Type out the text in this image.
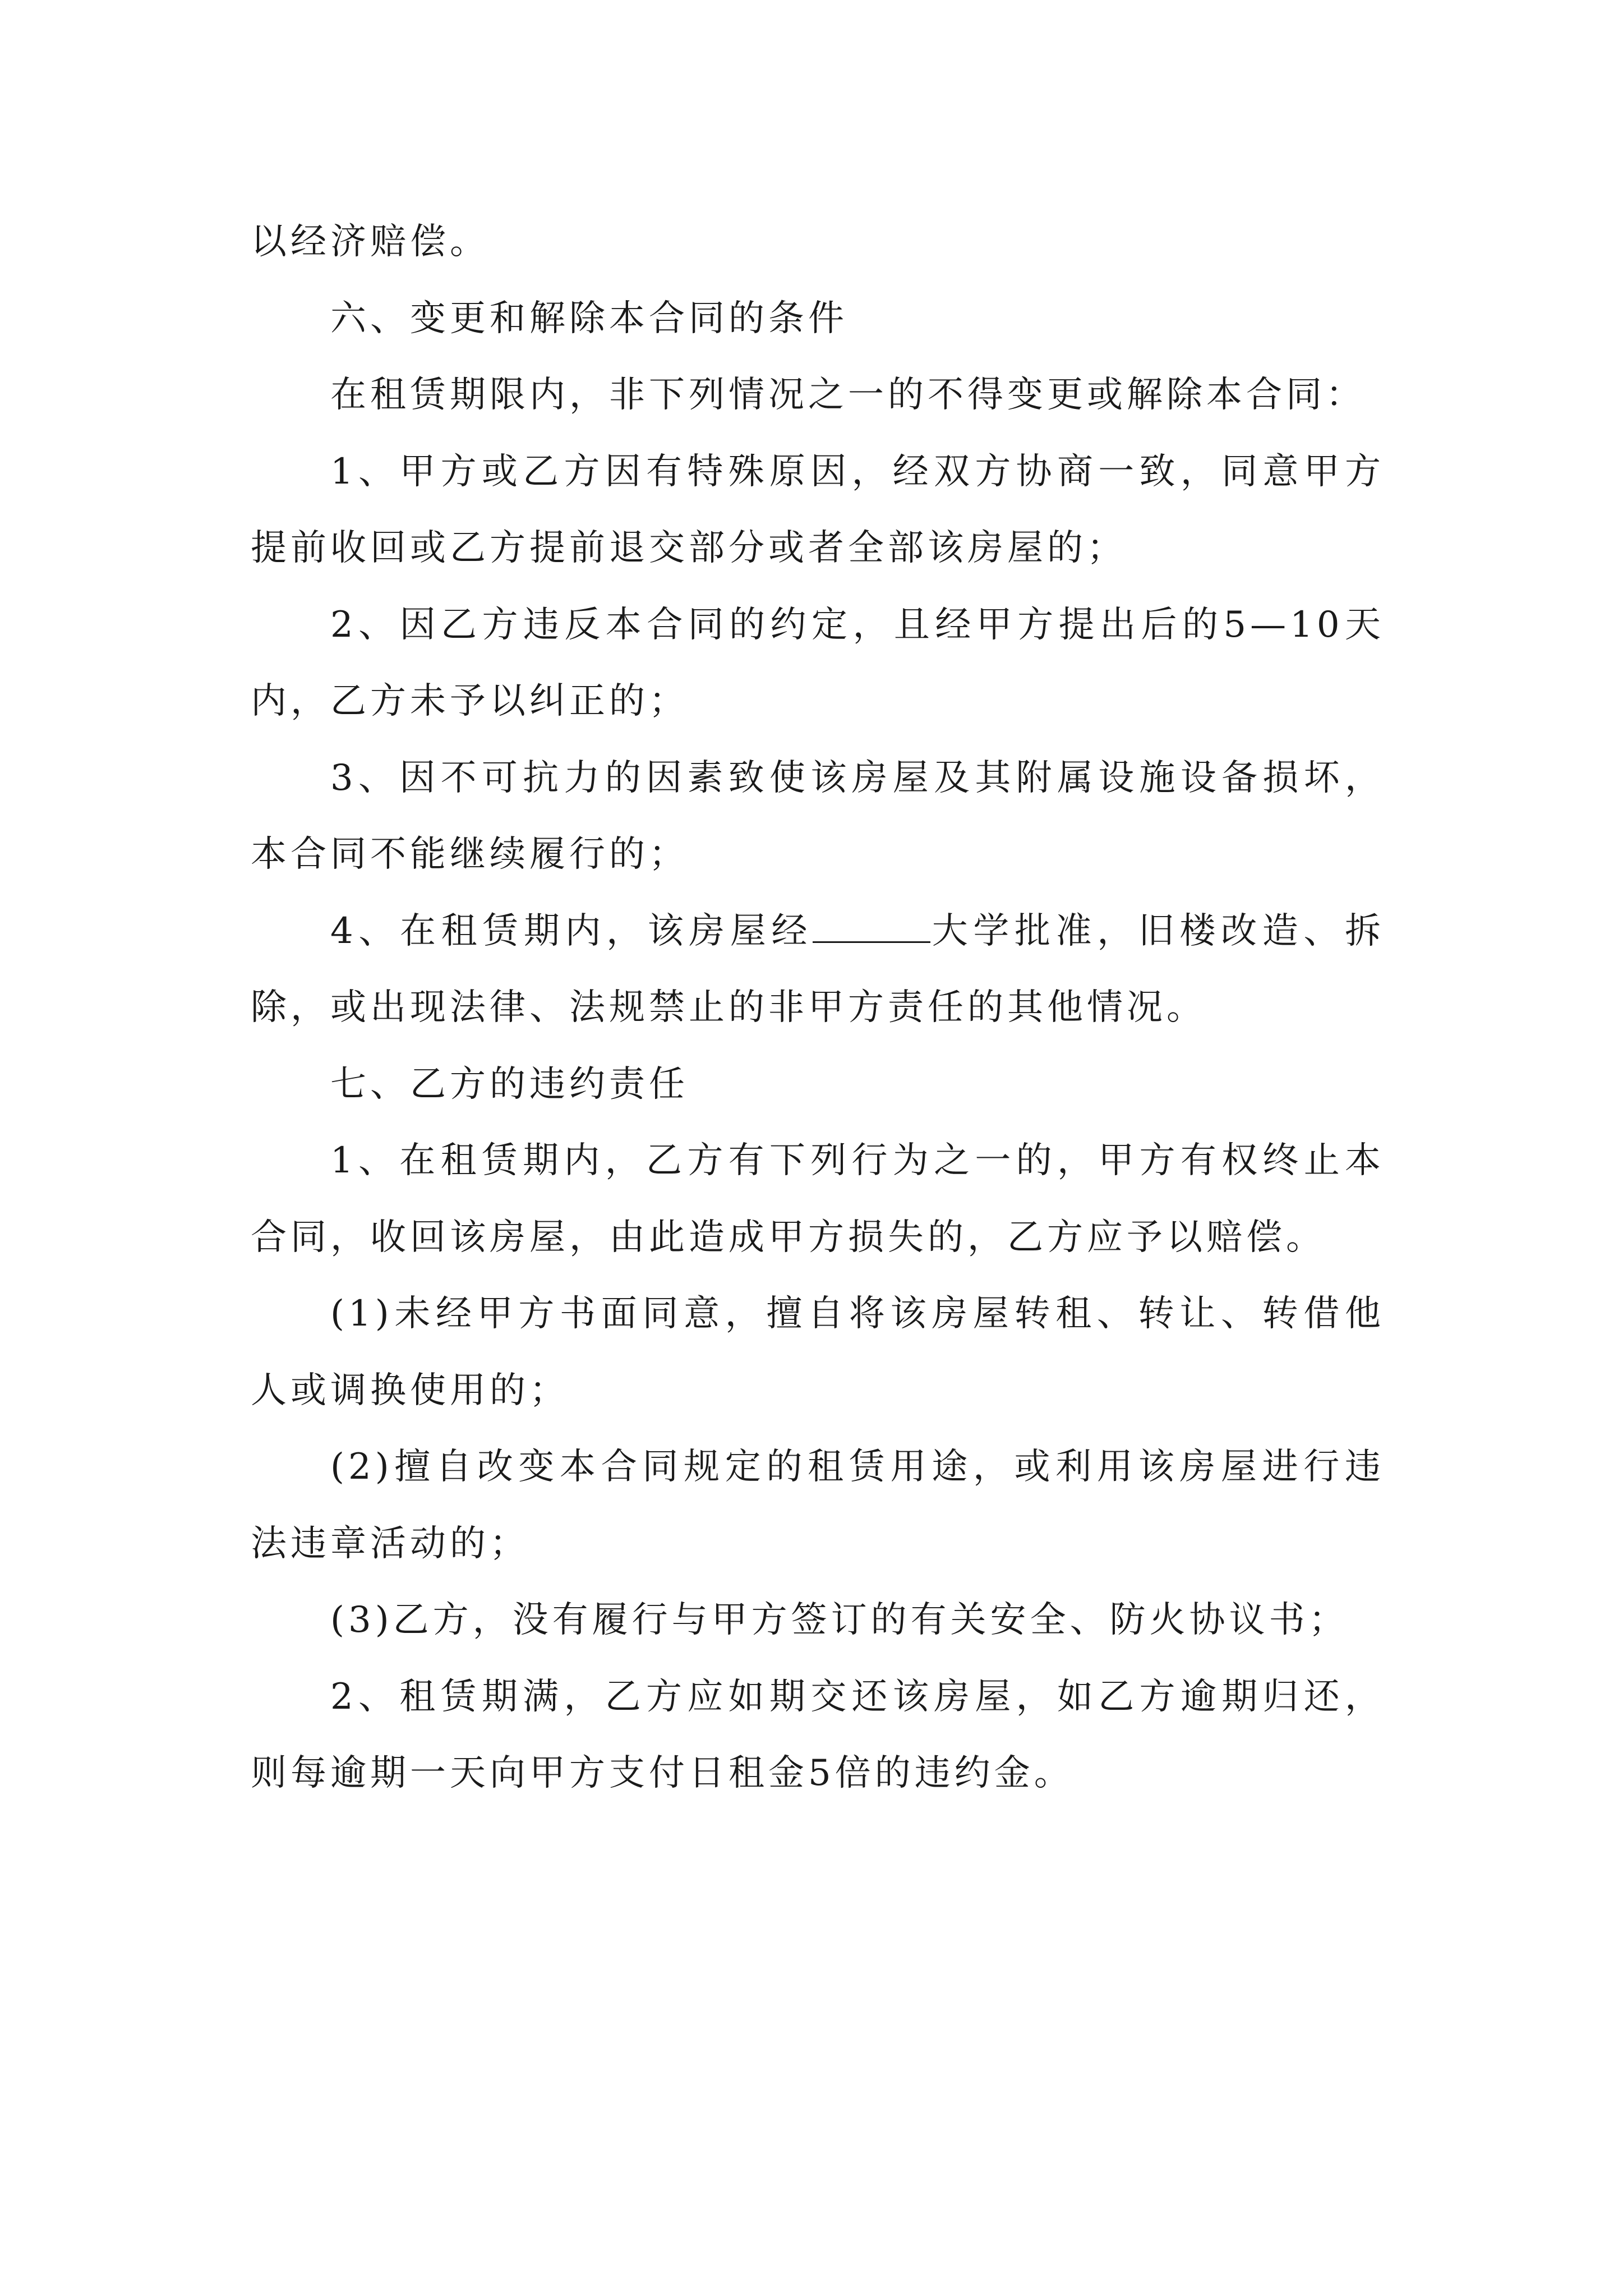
以经济赔偿。

六、变更和解除本合同的条件

在租赁期限内，非下列情况之一的不得变更或解除本合同：

1、甲方或乙方因有特殊原因，经双方协商一致，同意甲方提前收回或乙方提前退交部分或者全部该房屋的；

2、因乙方违反本合同的约定，且经甲方提出后的5—10天内，乙方未予以纠正的；

3、因不可抗力的因素致使该房屋及其附属设施设备损坏，本合同不能继续履行的；

4、在租赁期内，该房屋经	大学批准，旧楼改造、拆除，或出现法律、法规禁止的非甲方责任的其他情况。

七、乙方的违约责任

1、在租赁期内，乙方有下列行为之一的，甲方有权终止本合同，收回该房屋，由此造成甲方损失的，乙方应予以赔偿。

(1)未经甲方书面同意，擅自将该房屋转租、转让、转借他人或调换使用的；

(2)擅自改变本合同规定的租赁用途，或利用该房屋进行违法违章活动的；

(3)乙方，没有履行与甲方签订的有关安全、防火协议书；

2、租赁期满，乙方应如期交还该房屋，如乙方逾期归还，则每逾期一天向甲方支付日租金5倍的违约金。
